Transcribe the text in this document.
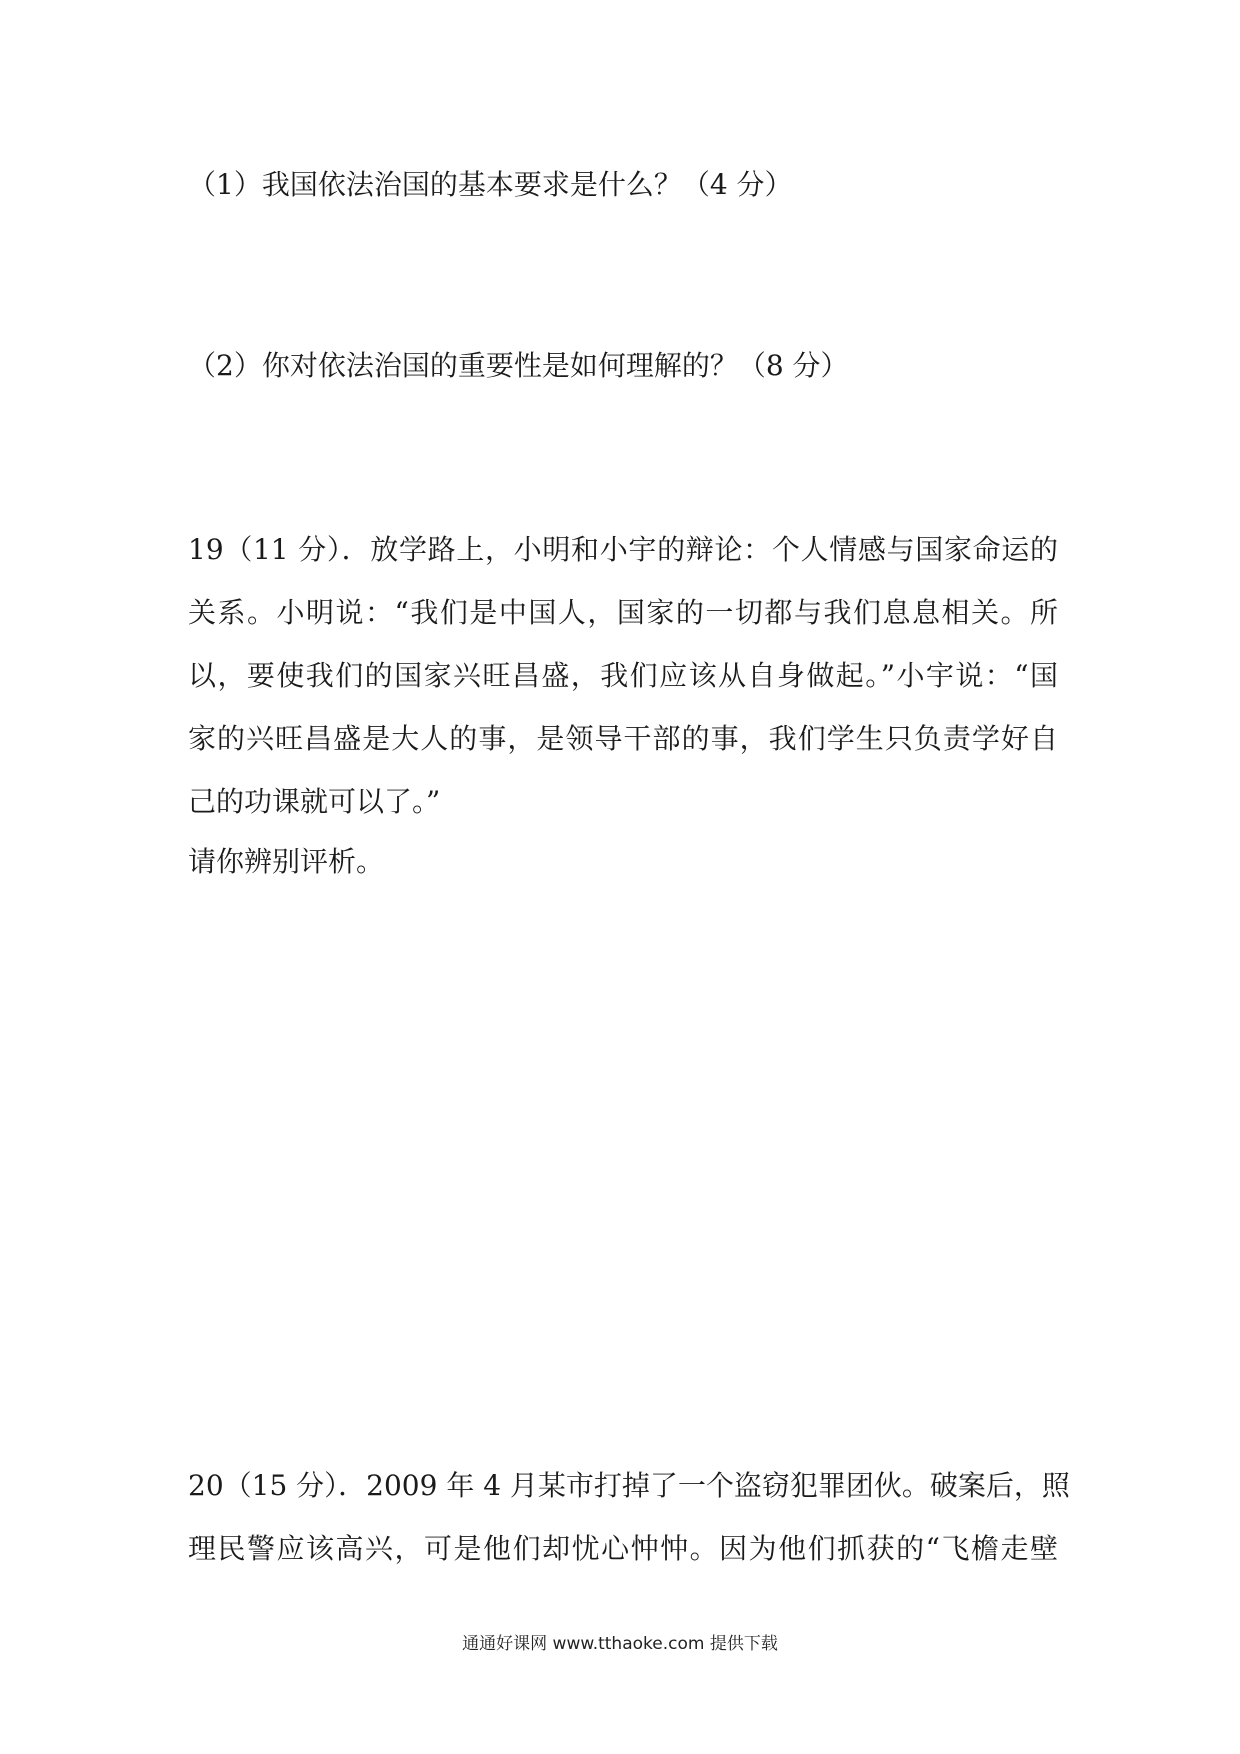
（1）我国依法治国的基本要求是什么？（4 分）
（2）你对依法治国的重要性是如何理解的？（8 分）
19（11 分）．放学路上，小明和小宇的辩论：个人情感与国家命运的
关系。小明说：“我们是中国人，国家的一切都与我们息息相关。所
以，要使我们的国家兴旺昌盛，我们应该从自身做起。”小宇说：“国
家的兴旺昌盛是大人的事，是领导干部的事，我们学生只负责学好自
己的功课就可以了。”
请你辨别评析。
20（15 分）．2009 年 4 月某市打掉了一个盗窃犯罪团伙。破案后，照
理民警应该高兴，可是他们却忧心忡忡。因为他们抓获的“飞檐走壁
通通好课网 www.tthaoke.com 提供下载
